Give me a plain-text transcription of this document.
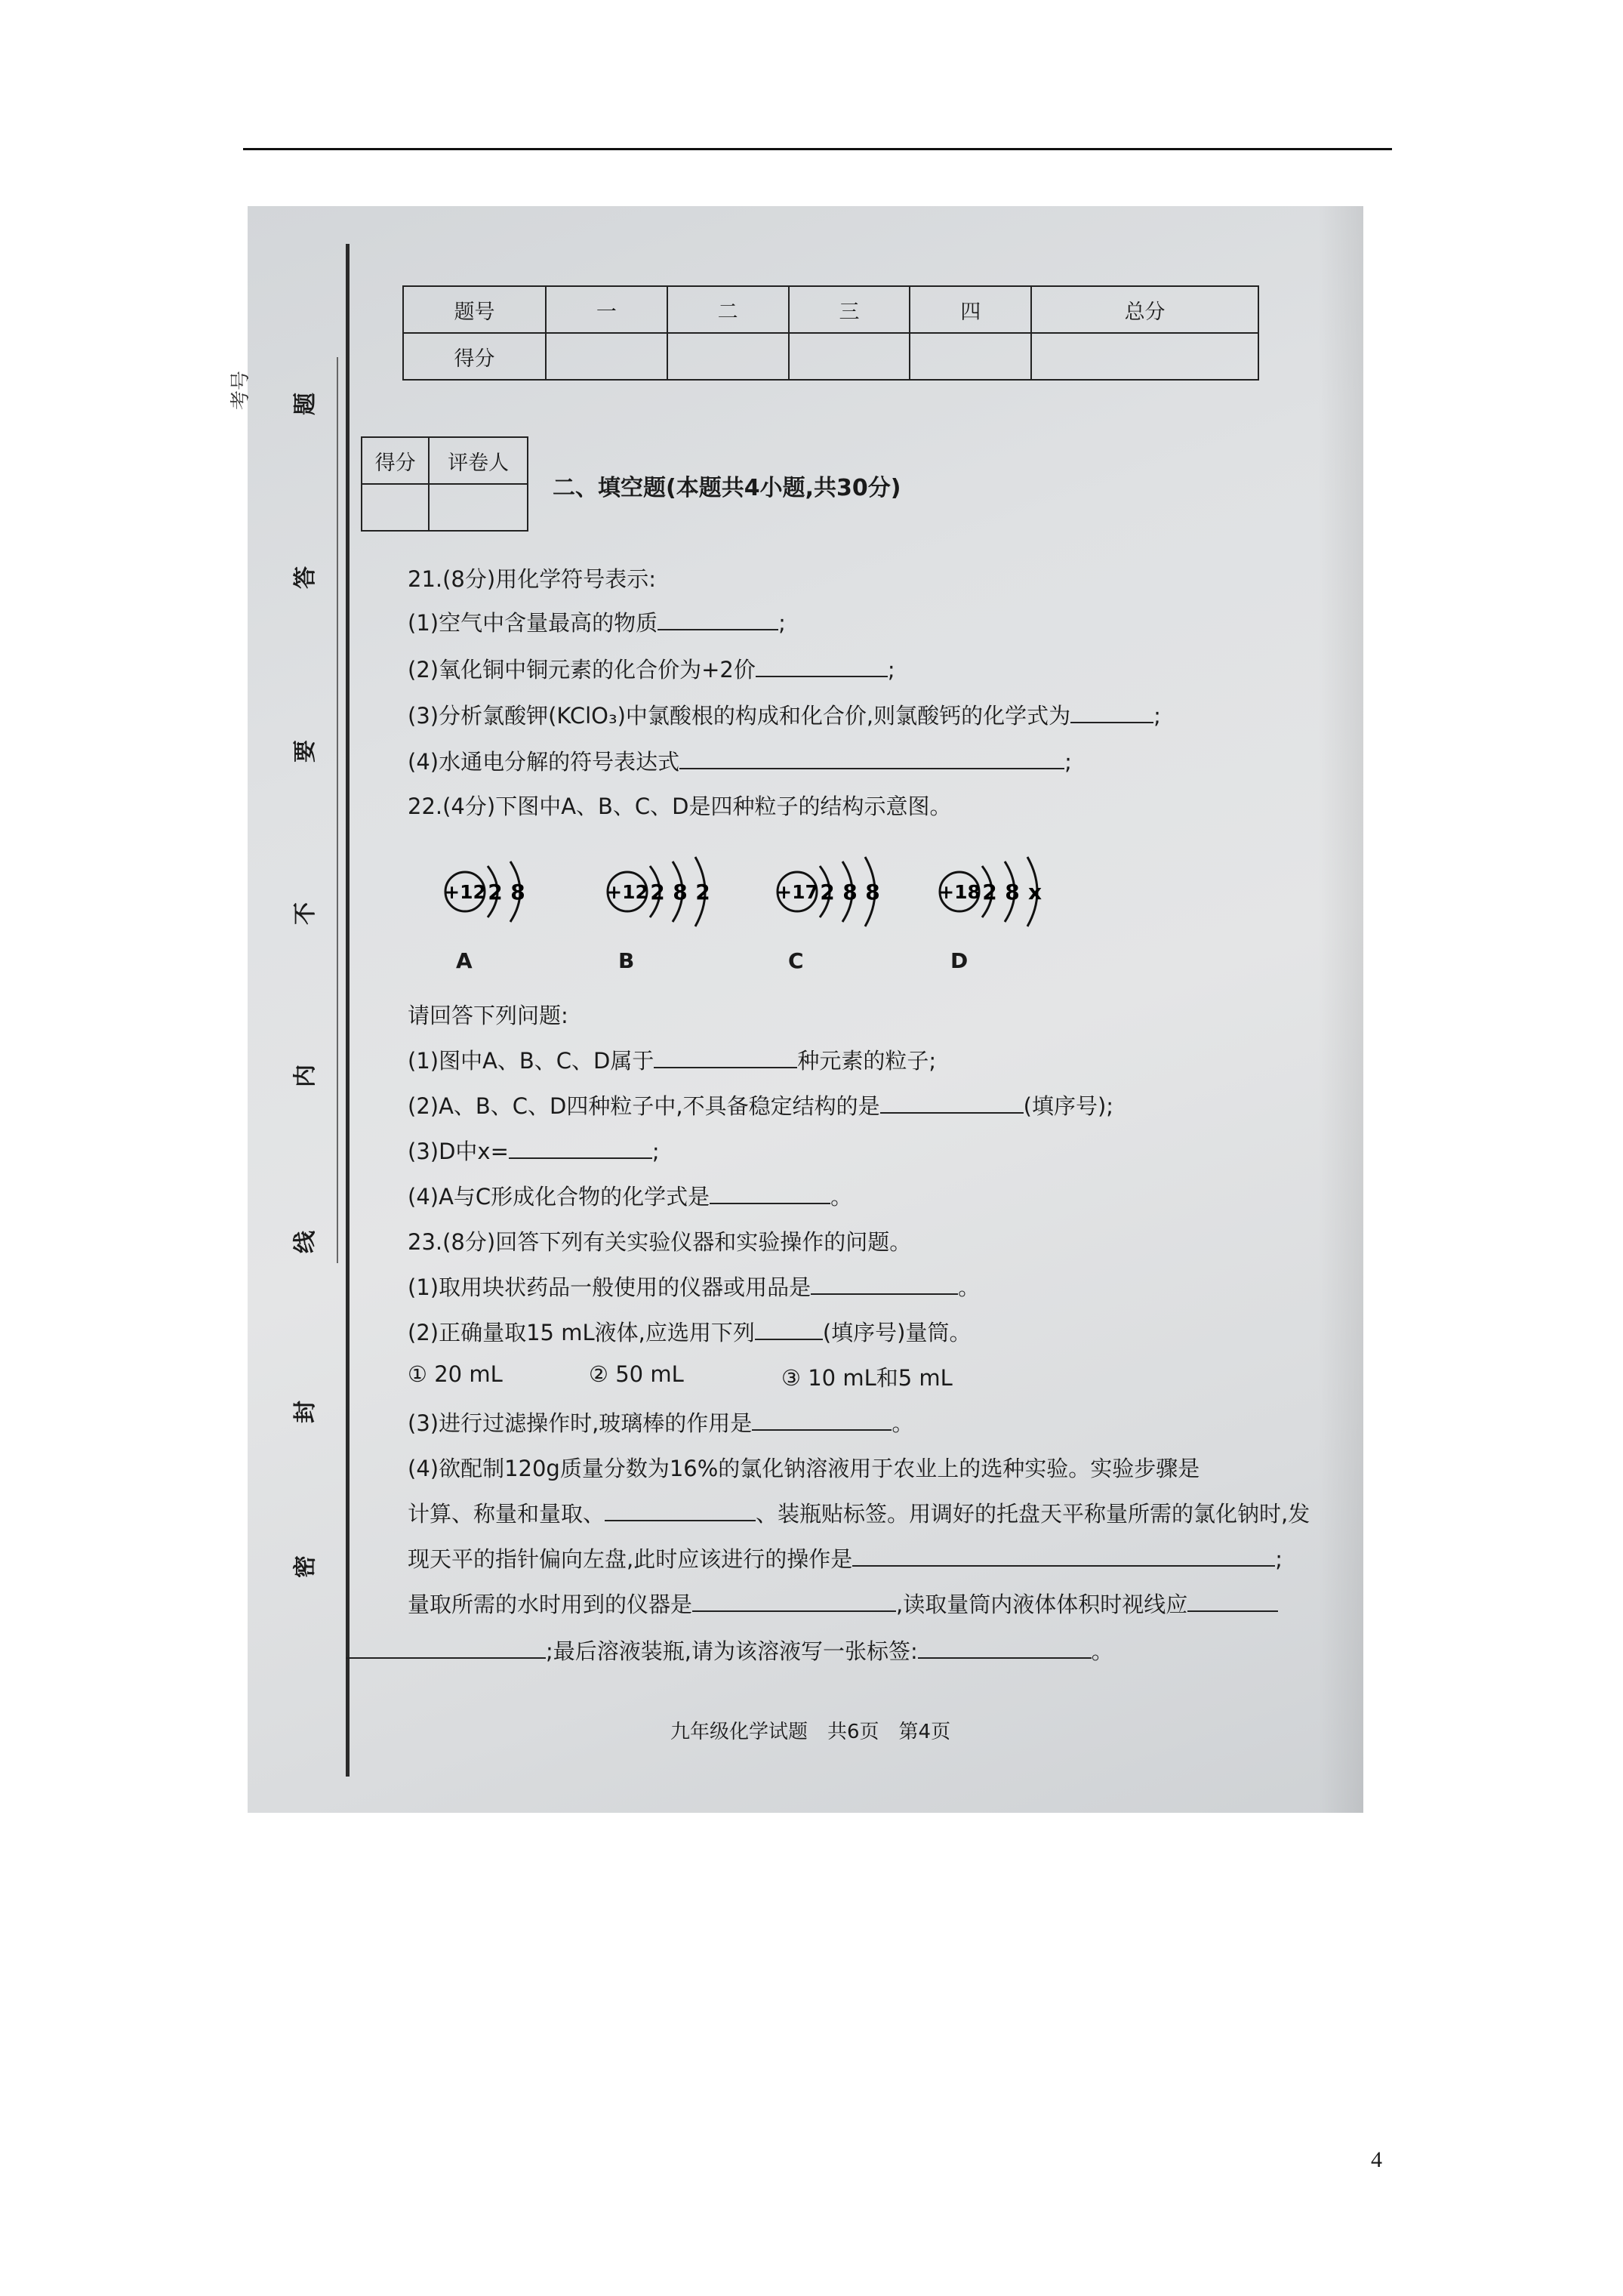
题
答
要
不
内
线
封
密
考号
题号	一	二	三	四	总分
得分					
得分	评卷人

二、填空题(本题共4小题,共30分)
21.(8分)用化学符号表示:
(1)空气中含量最高的物质	;
(2)氧化铜中铜元素的化合价为+2价	;
(3)分析氯酸钾(KClO₃)中氯酸根的构成和化合价,则氯酸钙的化学式为	;
(4)水通电分解的符号表达式	;
22.(4分)下图中A、B、C、D是四种粒子的结构示意图。
+12 2 8
A
+12 2 8 2
B
+17 2 8 8
C
+18 2 8 x
D
请回答下列问题:
(1)图中A、B、C、D属于	种元素的粒子;
(2)A、B、C、D四种粒子中,不具备稳定结构的是	(填序号);
(3)D中x=	;
(4)A与C形成化合物的化学式是	。
23.(8分)回答下列有关实验仪器和实验操作的问题。
(1)取用块状药品一般使用的仪器或用品是	。
(2)正确量取15 mL液体,应选用下列	(填序号)量筒。
① 20 mL	② 50 mL	③ 10 mL和5 mL
(3)进行过滤操作时,玻璃棒的作用是	。
(4)欲配制120g质量分数为16%的氯化钠溶液用于农业上的选种实验。实验步骤是
计算、称量和量取、	、装瓶贴标签。用调好的托盘天平称量所需的氯化钠时,发
现天平的指针偏向左盘,此时应该进行的操作是	;
量取所需的水时用到的仪器是	,读取量筒内液体体积时视线应
;最后溶液装瓶,请为该溶液写一张标签:	。
九年级化学试题　共6页　第4页
4
